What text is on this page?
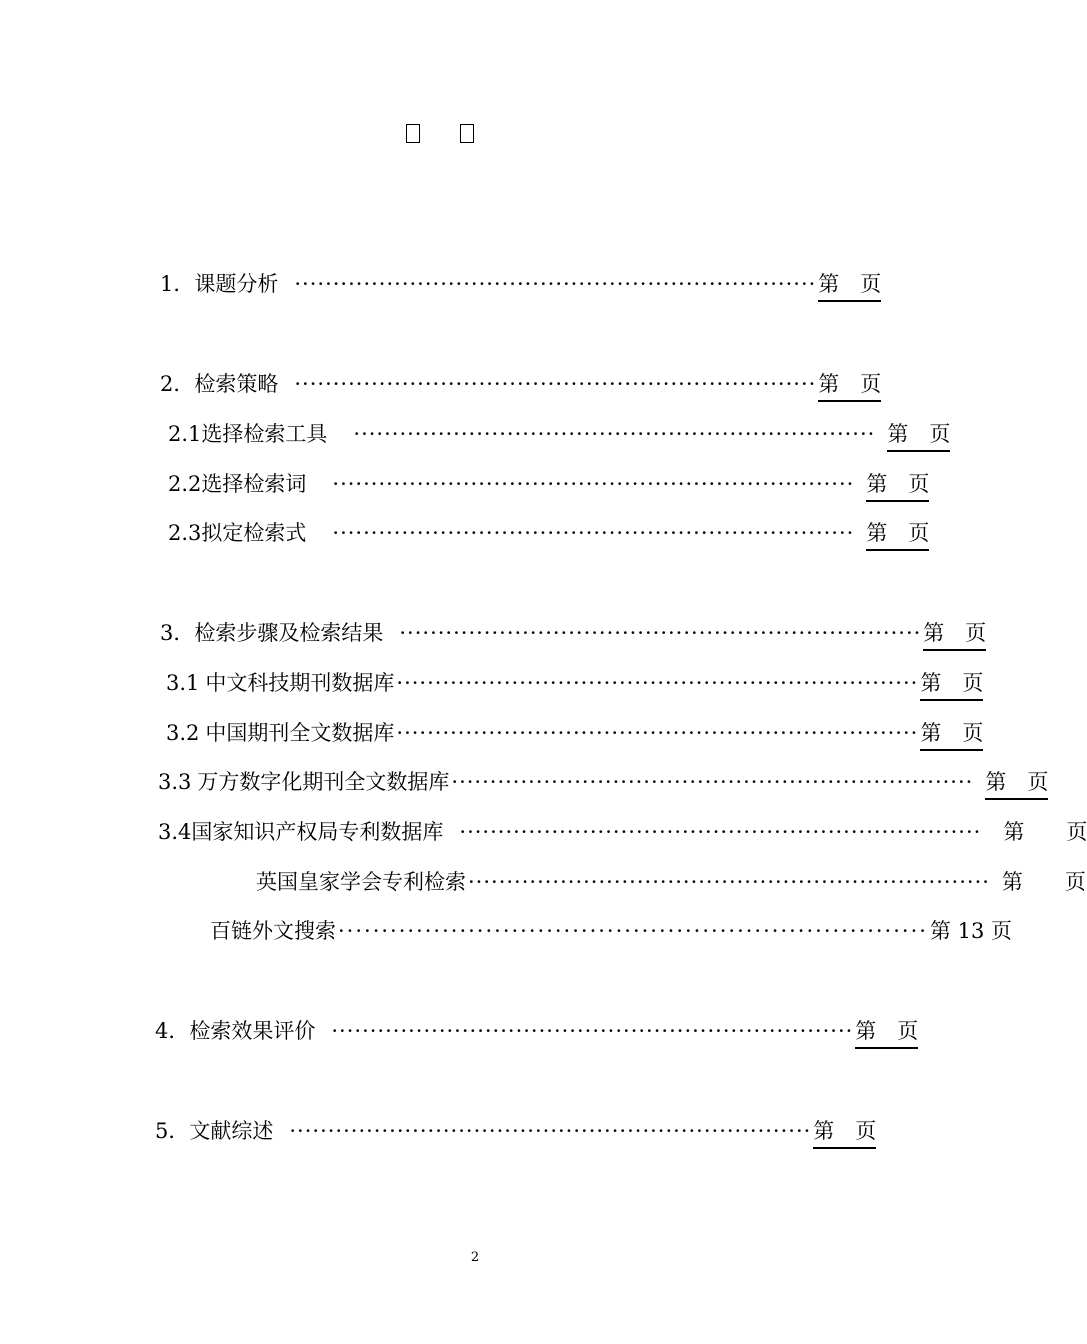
1． 课题分析 ···································································· 第　页
2． 检索策略 ···································································· 第　页
2.1 选择检索工具 ···································································· 第　页
2.2 选择检索词 ···································································· 第　页
2.3 拟定检索式 ···································································· 第　页
3． 检索步骤及检索结果 ···································································· 第　页
3.1 中文科技期刊数据库 ···································································· 第　页
3.2 中国期刊全文数据库 ···································································· 第　页
3.3 万方数字化期刊全文数据库 ···································································· 第　页
3.4 国家知识产权局专利数据库 ···································································· 第　　页
英国皇家学会专利检索 ···································································· 第　　页
百链外文搜索 ···································································· 第 13 页
4． 检索效果评价 ···································································· 第　页
5． 文献综述 ···································································· 第　页
2
